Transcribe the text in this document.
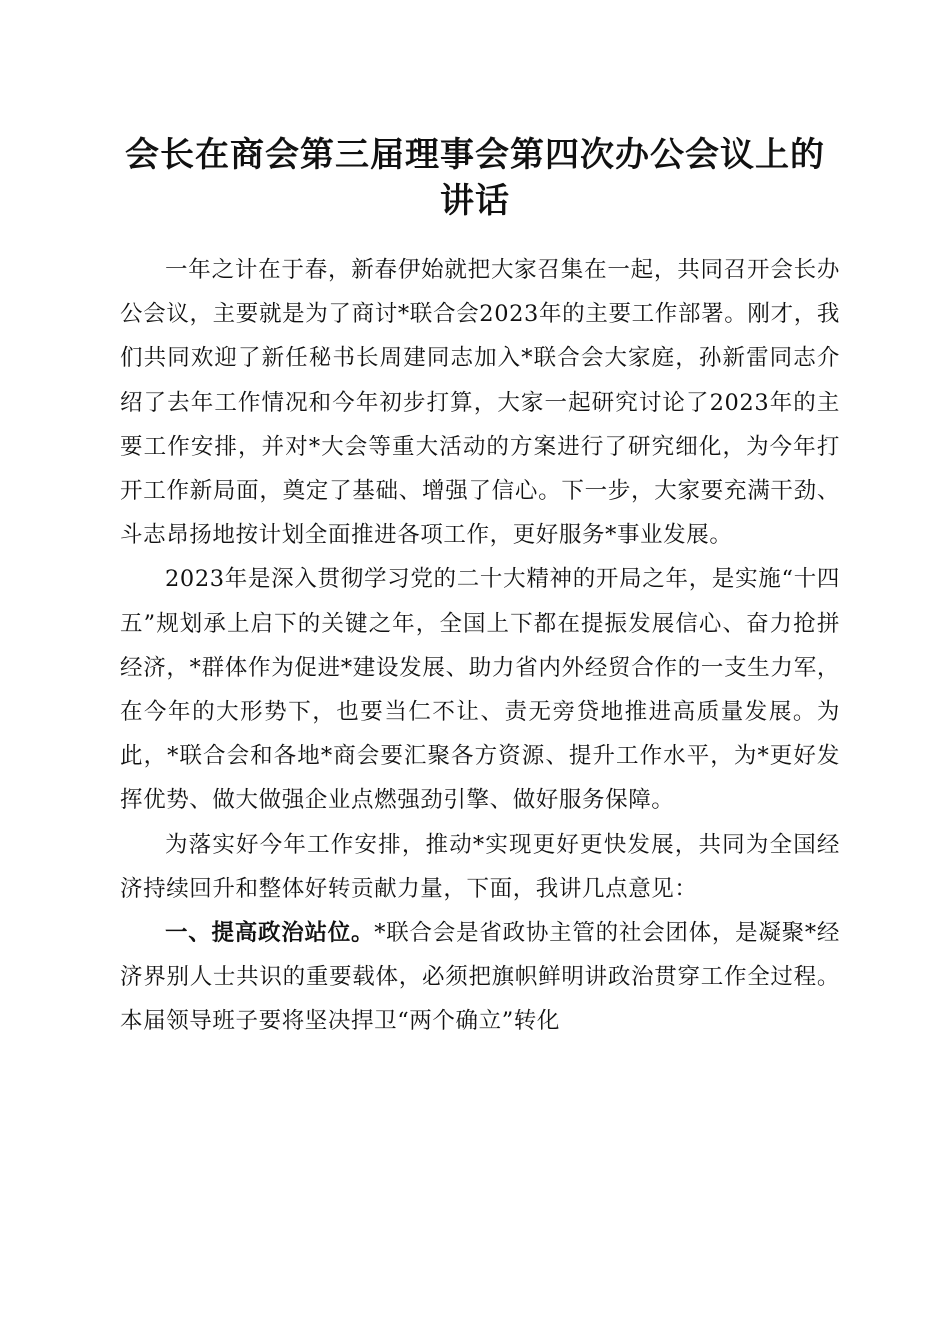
会长在商会第三届理事会第四次办公会议上的
讲话

一年之计在于春，新春伊始就把大家召集在一起，共同召开会长办公会议，主要就是为了商讨*联合会2023年的主要工作部署。刚才，我们共同欢迎了新任秘书长周建同志加入*联合会大家庭，孙新雷同志介绍了去年工作情况和今年初步打算，大家一起研究讨论了2023年的主要工作安排，并对*大会等重大活动的方案进行了研究细化，为今年打开工作新局面，奠定了基础、增强了信心。下一步，大家要充满干劲、斗志昂扬地按计划全面推进各项工作，更好服务*事业发展。

2023年是深入贯彻学习党的二十大精神的开局之年，是实施“十四五”规划承上启下的关键之年，全国上下都在提振发展信心、奋力抢拼经济，*群体作为促进*建设发展、助力省内外经贸合作的一支生力军，在今年的大形势下，也要当仁不让、责无旁贷地推进高质量发展。为此，*联合会和各地*商会要汇聚各方资源、提升工作水平，为*更好发挥优势、做大做强企业点燃强劲引擎、做好服务保障。

为落实好今年工作安排，推动*实现更好更快发展，共同为全国经济持续回升和整体好转贡献力量，下面，我讲几点意见：

一、提高政治站位。*联合会是省政协主管的社会团体，是凝聚*经济界别人士共识的重要载体，必须把旗帜鲜明讲政治贯穿工作全过程。本届领导班子要将坚决捍卫“两个确立”转化
